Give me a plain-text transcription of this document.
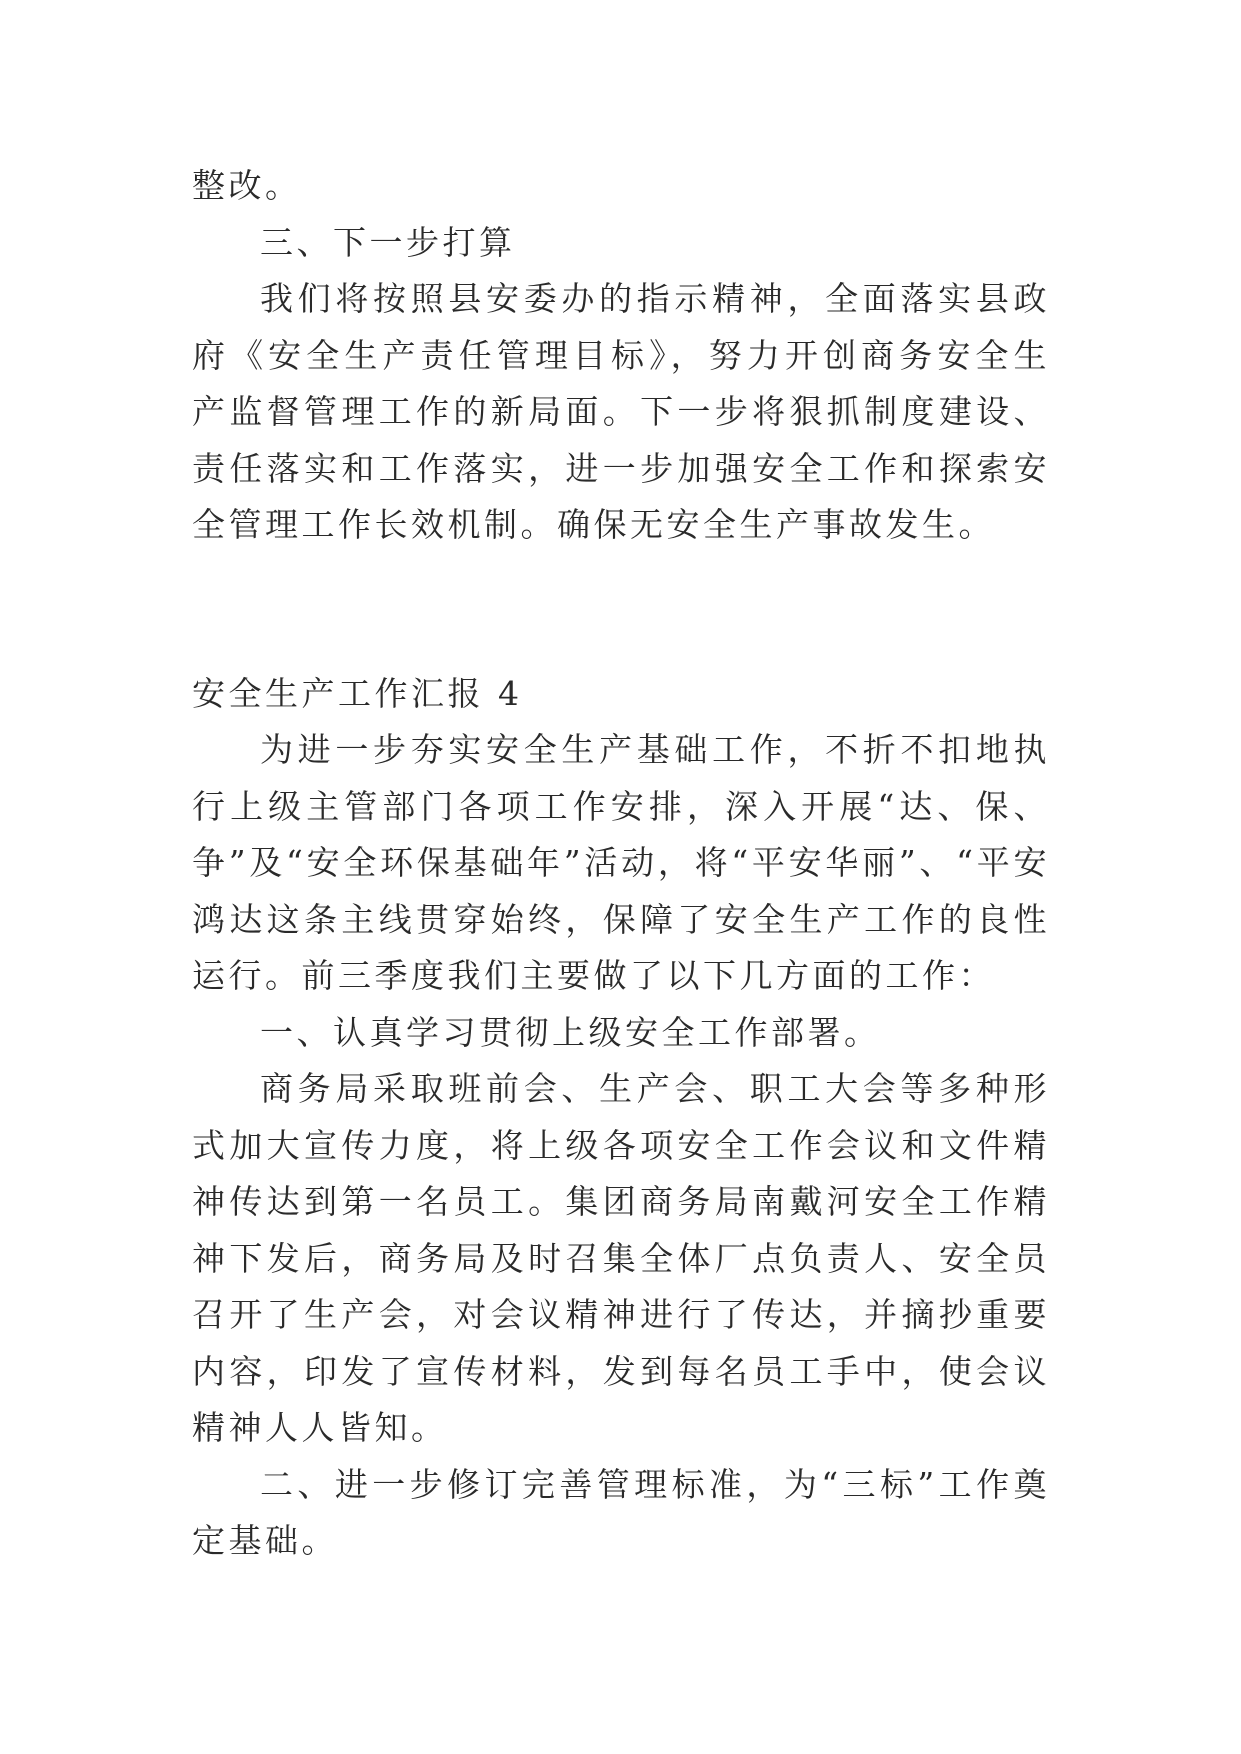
整改。

三、下一步打算

我们将按照县安委办的指示精神，全面落实县政府《安全生产责任管理目标》，努力开创商务安全生产监督管理工作的新局面。下一步将狠抓制度建设、责任落实和工作落实，进一步加强安全工作和探索安全管理工作长效机制。确保无安全生产事故发生。

安全生产工作汇报 4

为进一步夯实安全生产基础工作，不折不扣地执行上级主管部门各项工作安排，深入开展“达、保、争”及“安全环保基础年”活动，将“平安华丽”、“平安鸿达这条主线贯穿始终，保障了安全生产工作的良性运行。前三季度我们主要做了以下几方面的工作：

一、认真学习贯彻上级安全工作部署。

商务局采取班前会、生产会、职工大会等多种形式加大宣传力度，将上级各项安全工作会议和文件精神传达到第一名员工。集团商务局南戴河安全工作精神下发后，商务局及时召集全体厂点负责人、安全员召开了生产会，对会议精神进行了传达，并摘抄重要内容，印发了宣传材料，发到每名员工手中，使会议精神人人皆知。

二、进一步修订完善管理标准，为“三标”工作奠定基础。
